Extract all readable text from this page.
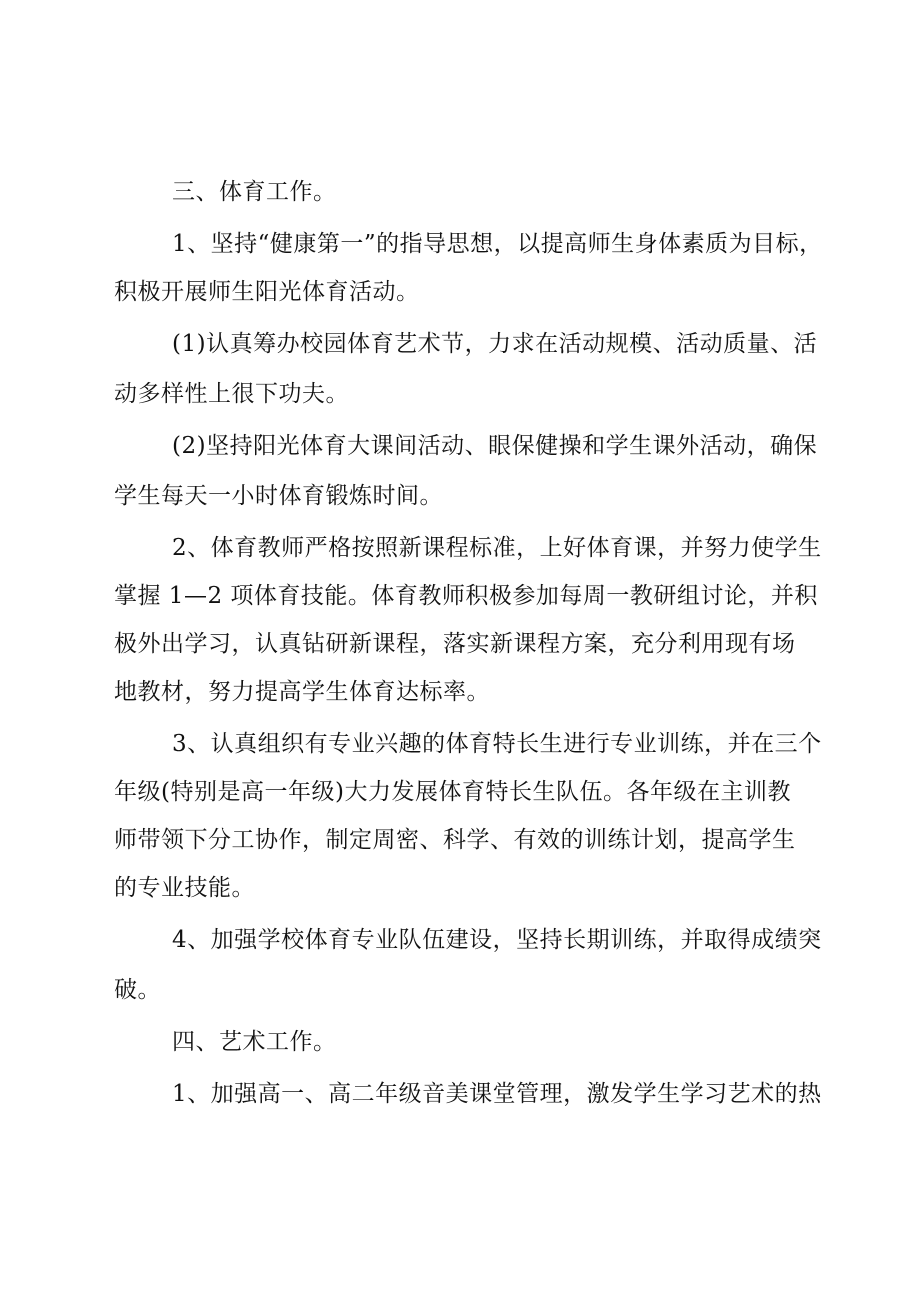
三、体育工作。
1、坚持“健康第一”的指导思想，以提高师生身体素质为目标，
积极开展师生阳光体育活动。
(1)认真筹办校园体育艺术节，力求在活动规模、活动质量、活
动多样性上很下功夫。
(2)坚持阳光体育大课间活动、眼保健操和学生课外活动，确保
学生每天一小时体育锻炼时间。
2、体育教师严格按照新课程标准，上好体育课，并努力使学生
掌握 1—2 项体育技能。体育教师积极参加每周一教研组讨论，并积
极外出学习，认真钻研新课程，落实新课程方案，充分利用现有场
地教材，努力提高学生体育达标率。
3、认真组织有专业兴趣的体育特长生进行专业训练，并在三个
年级(特别是高一年级)大力发展体育特长生队伍。各年级在主训教
师带领下分工协作，制定周密、科学、有效的训练计划，提高学生
的专业技能。
4、加强学校体育专业队伍建设，坚持长期训练，并取得成绩突
破。
四、艺术工作。
1、加强高一、高二年级音美课堂管理，激发学生学习艺术的热
